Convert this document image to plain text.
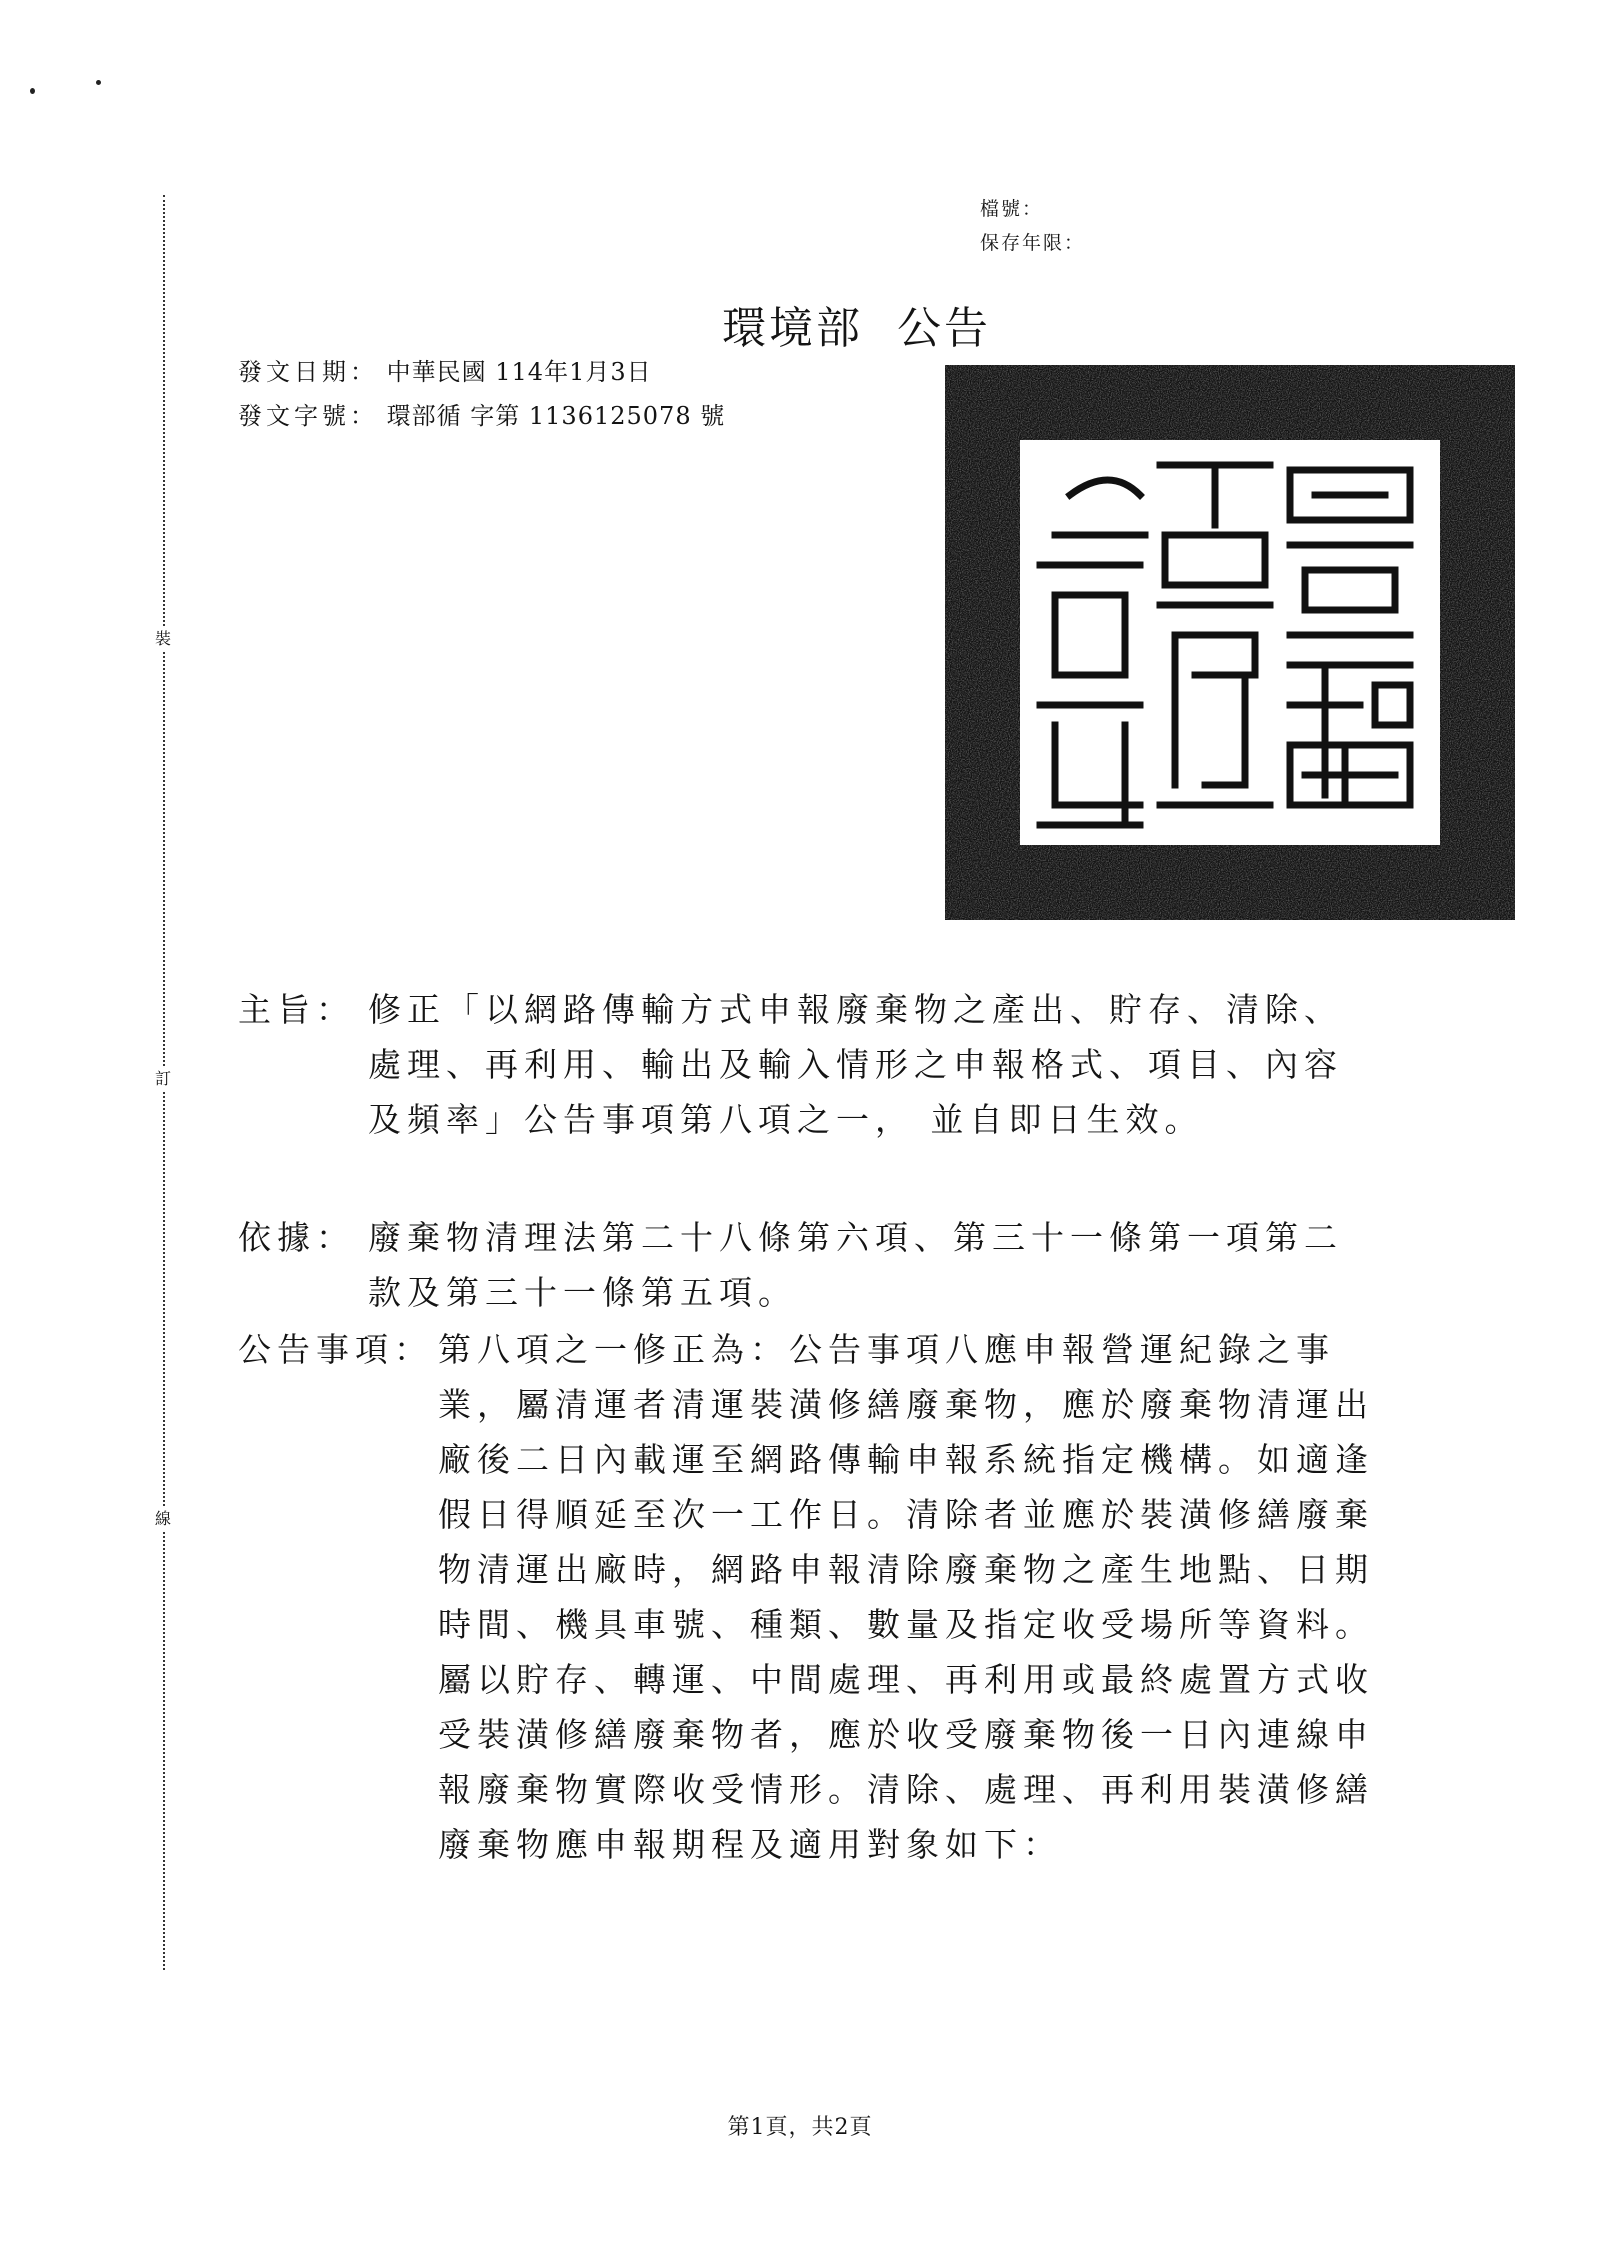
裝
訂
線
檔號：
保存年限：
環境部  公告
發文日期： 中華民國 114年1月3日
發文字號： 環部循 字第 1136125078 號
環境部印
主旨： 修正「以網路傳輸方式申報廢棄物之產出、貯存、清除、處理、再利用、輸出及輸入情形之申報格式、項目、內容及頻率」公告事項第八項之一， 並自即日生效。
依據： 廢棄物清理法第二十八條第六項、第三十一條第一項第二款及第三十一條第五項。
公告事項： 第八項之一修正為：公告事項八應申報營運紀錄之事業，屬清運者清運裝潢修繕廢棄物，應於廢棄物清運出廠後二日內載運至網路傳輸申報系統指定機構。如適逢假日得順延至次一工作日。清除者並應於裝潢修繕廢棄物清運出廠時，網路申報清除廢棄物之產生地點、日期時間、機具車號、種類、數量及指定收受場所等資料。屬以貯存、轉運、中間處理、再利用或最終處置方式收受裝潢修繕廢棄物者，應於收受廢棄物後一日內連線申報廢棄物實際收受情形。清除、處理、再利用裝潢修繕廢棄物應申報期程及適用對象如下：
第1頁，共2頁
